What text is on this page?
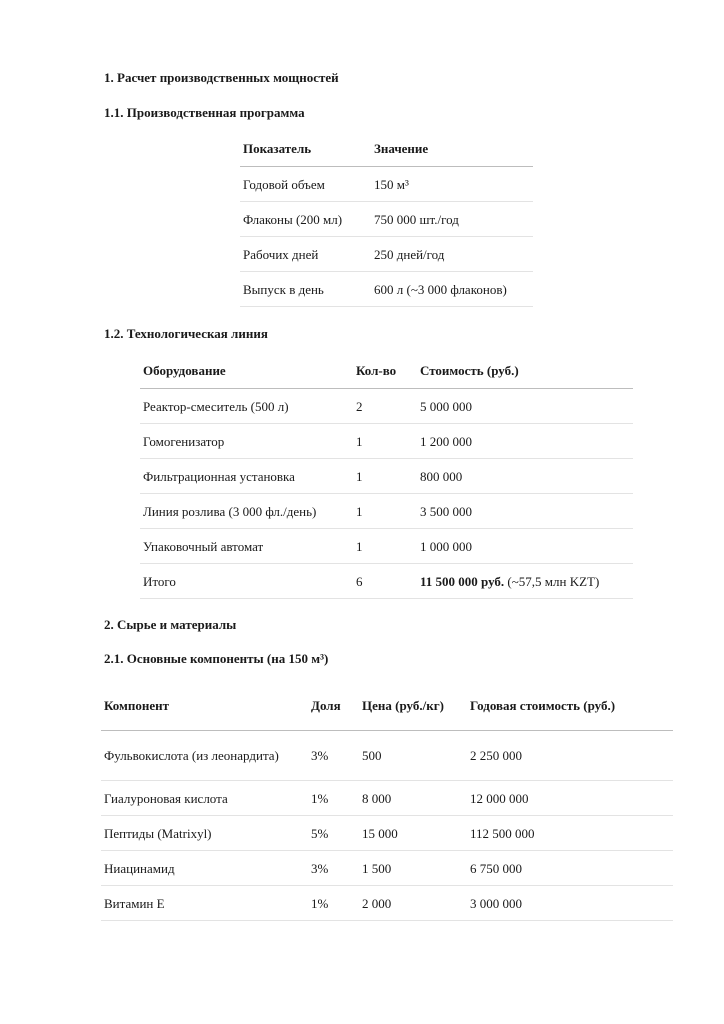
1. Расчет производственных мощностей
1.1. Производственная программа
Показатель	Значение
Годовой объем	150 м³
Флаконы (200 мл)	750 000 шт./год
Рабочих дней	250 дней/год
Выпуск в день	600 л (~3 000 флаконов)
1.2. Технологическая линия
Оборудование	Кол-во	Стоимость (руб.)
Реактор-смеситель (500 л)	2	5 000 000
Гомогенизатор	1	1 200 000
Фильтрационная установка	1	800 000
Линия розлива (3 000 фл./день)	1	3 500 000
Упаковочный автомат	1	1 000 000
Итого	6	11 500 000 руб. (~57,5 млн KZT)
2. Сырье и материалы
2.1. Основные компоненты (на 150 м³)
Компонент	Доля	Цена (руб./кг)	Годовая стоимость (руб.)
Фульвокислота (из леонардита)	3%	500	2 250 000
Гиалуроновая кислота	1%	8 000	12 000 000
Пептиды (Matrixyl)	5%	15 000	112 500 000
Ниацинамид	3%	1 500	6 750 000
Витамин E	1%	2 000	3 000 000
